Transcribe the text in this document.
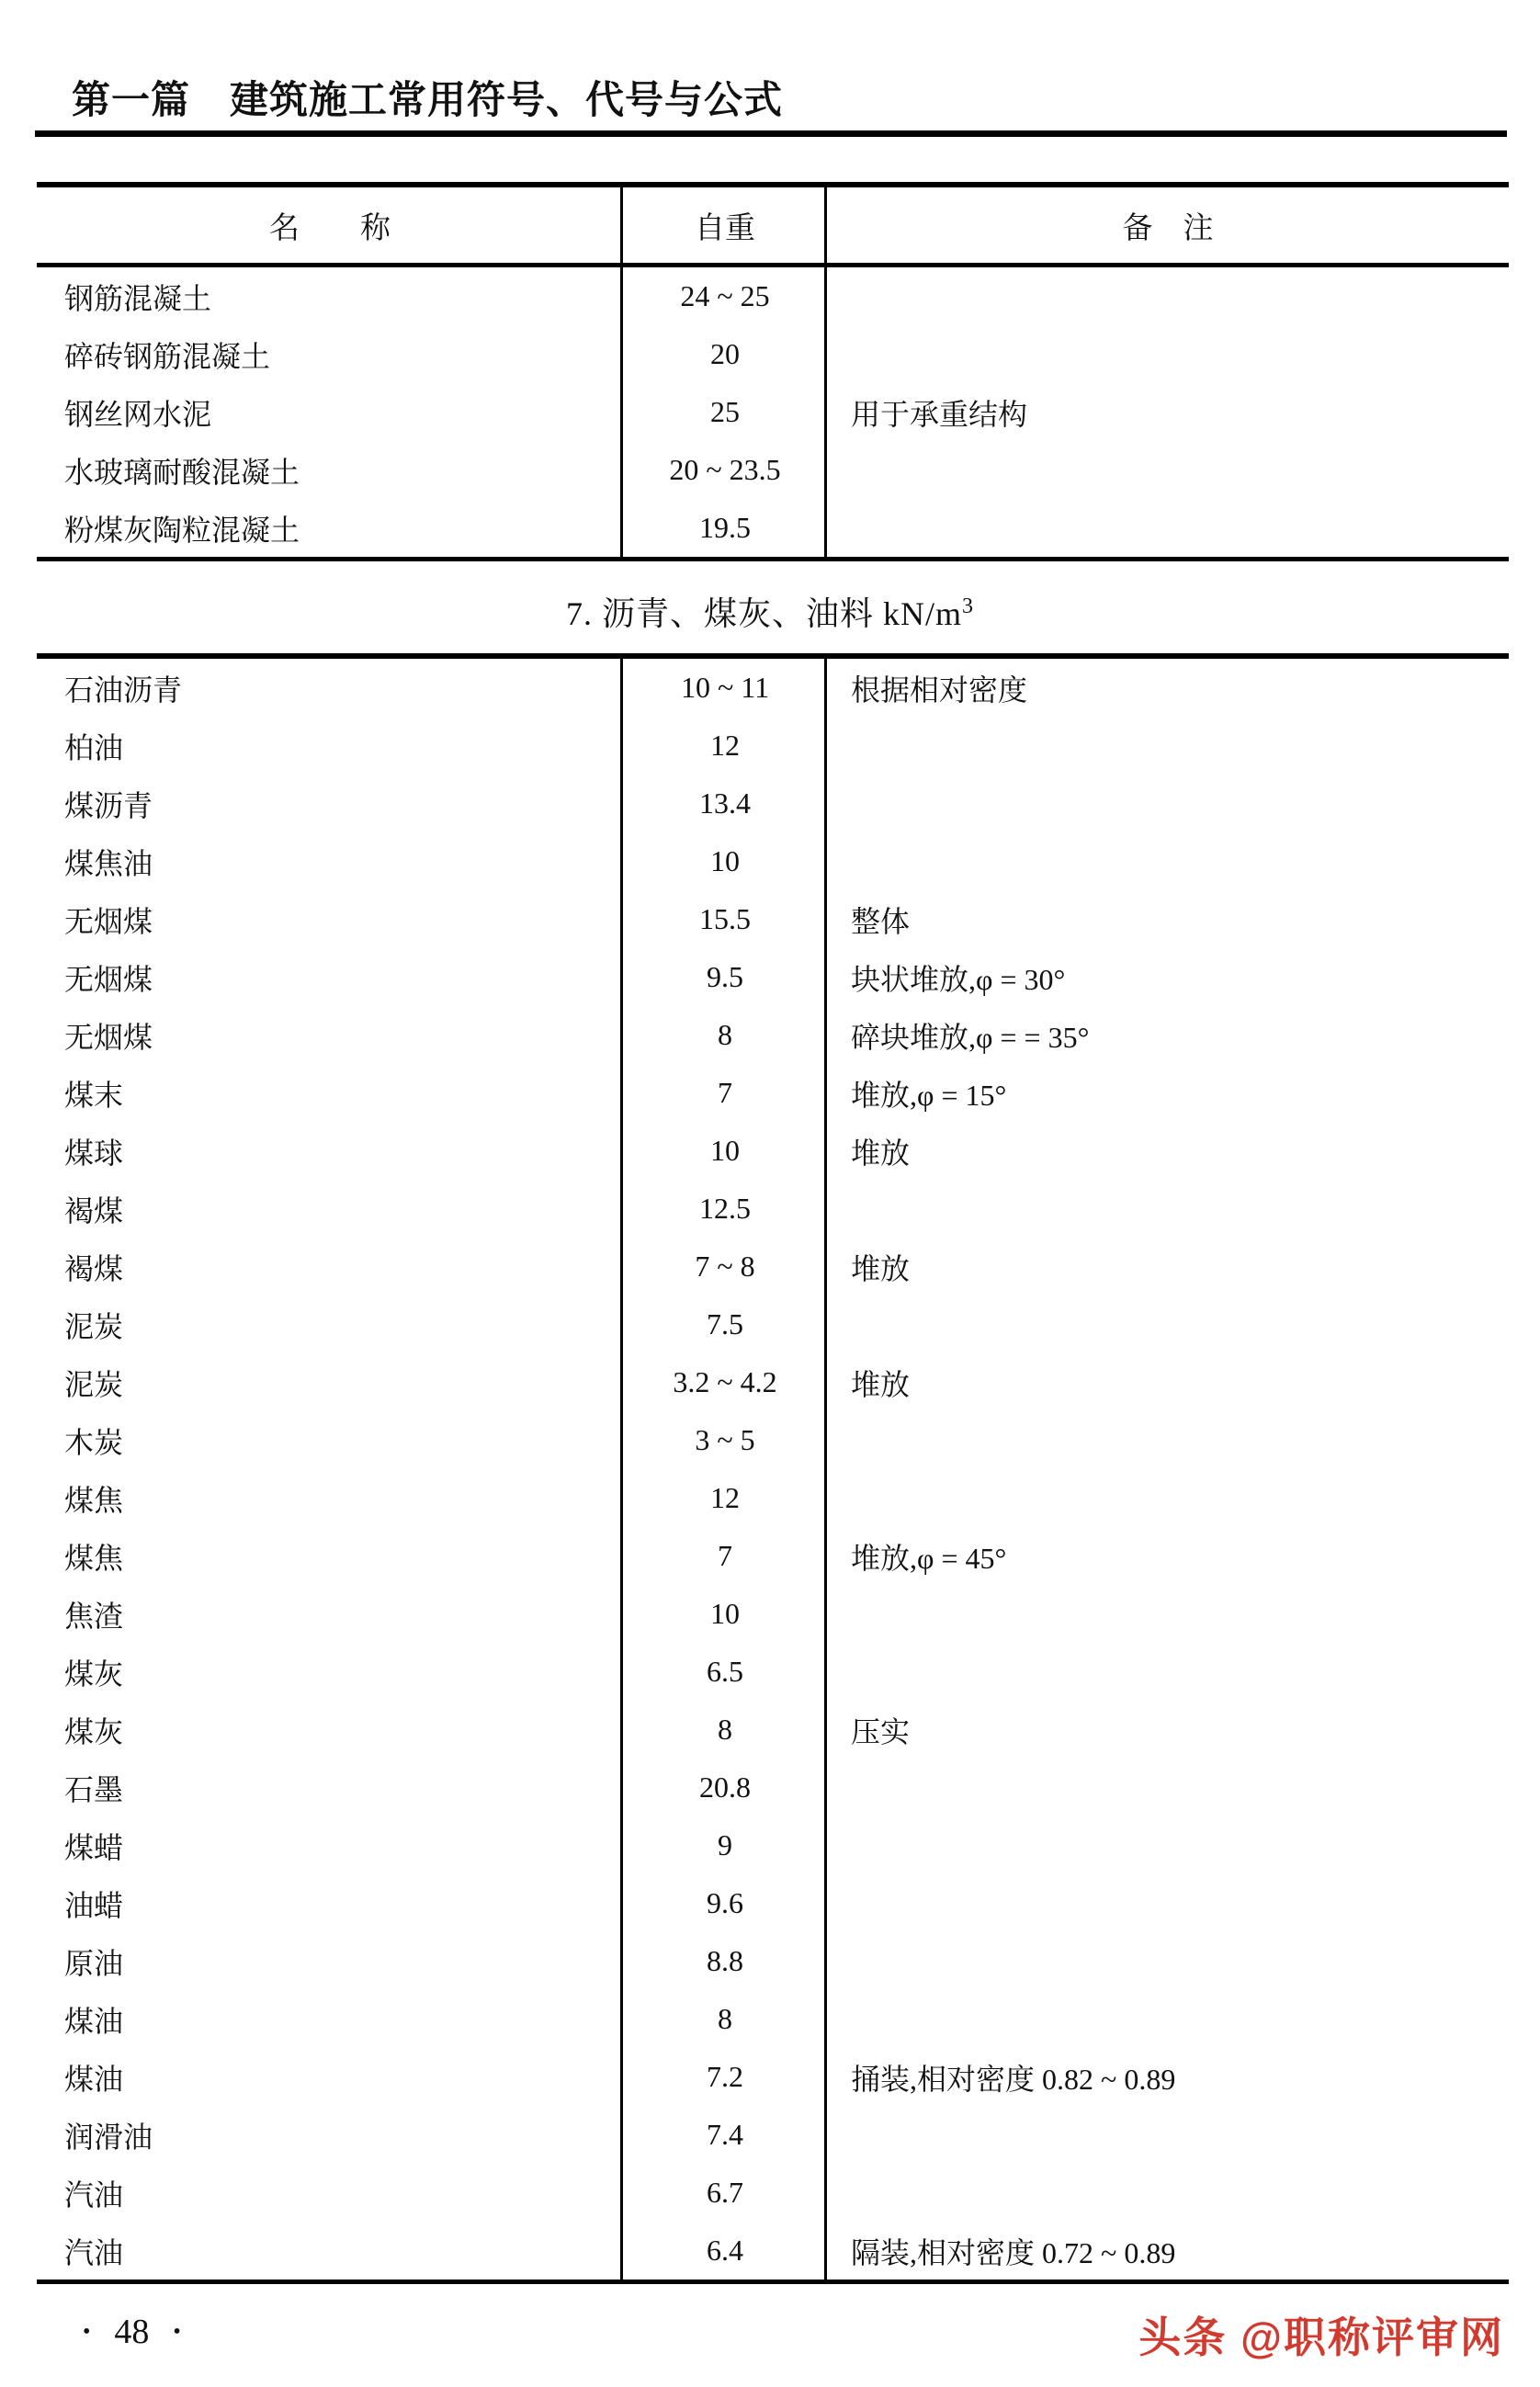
第一篇　建筑施工常用符号、代号与公式
名　　称	自重	备　注
钢筋混凝土	24 ~ 25
碎砖钢筋混凝土	20
钢丝网水泥	25	用于承重结构
水玻璃耐酸混凝土	20 ~ 23.5
粉煤灰陶粒混凝土	19.5
7. 沥青、煤灰、油料 $kN/m^3$
石油沥青	10 ~ 11	根据相对密度
柏油	12
煤沥青	13.4
煤焦油	10
无烟煤	15.5	整体
无烟煤	9.5	块状堆放,φ = 30°
无烟煤	8	碎块堆放,φ = = 35°
煤末	7	堆放,φ = 15°
煤球	10	堆放
褐煤	12.5
褐煤	7 ~ 8	堆放
泥炭	7.5
泥炭	3.2 ~ 4.2	堆放
木炭	3 ~ 5
煤焦	12
煤焦	7	堆放,φ = 45°
焦渣	10
煤灰	6.5
煤灰	8	压实
石墨	20.8
煤蜡	9
油蜡	9.6
原油	8.8
煤油	8
煤油	7.2	捅装,相对密度 0.82 ~ 0.89
润滑油	7.4
汽油	6.7
汽油	6.4	隔装,相对密度 0.72 ~ 0.89
• 48 •	头条 @职称评审网
